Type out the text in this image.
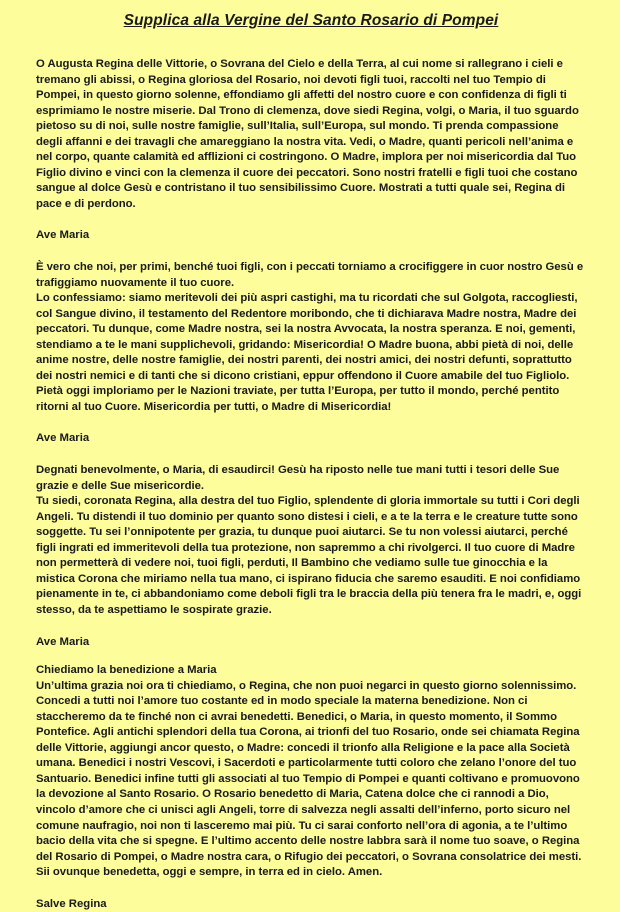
Supplica alla Vergine del Santo Rosario di Pompei

O Augusta Regina delle Vittorie, o Sovrana del Cielo e della Terra, al cui nome si rallegrano i cieli e tremano gli abissi, o Regina gloriosa del Rosario, noi devoti figli tuoi, raccolti nel tuo Tempio di Pompei, in questo giorno solenne, effondiamo gli affetti del nostro cuore e con confidenza di figli ti esprimiamo le nostre miserie. Dal Trono di clemenza, dove siedi Regina, volgi, o Maria, il tuo sguardo pietoso su di noi, sulle nostre famiglie, sull’Italia, sull’Europa, sul mondo. Ti prenda compassione degli affanni e dei travagli che amareggiano la nostra vita. Vedi, o Madre, quanti pericoli nell’anima e nel corpo, quante calamità ed afflizioni ci costringono. O Madre, implora per noi misericordia dal Tuo Figlio divino e vinci con la clemenza il cuore dei peccatori. Sono nostri fratelli e figli tuoi che costano sangue al dolce Gesù e contristano il tuo sensibilissimo Cuore. Mostrati a tutti quale sei, Regina di pace e di perdono.

Ave Maria

È vero che noi, per primi, benché tuoi figli, con i peccati torniamo a crocifiggere in cuor nostro Gesù e trafiggiamo nuovamente il tuo cuore.

Lo confessiamo: siamo meritevoli dei più aspri castighi, ma tu ricordati che sul Golgota, raccogliesti, col Sangue divino, il testamento del Redentore moribondo, che ti dichiarava Madre nostra, Madre dei peccatori. Tu dunque, come Madre nostra, sei la nostra Avvocata, la nostra speranza. E noi, gementi, stendiamo a te le mani supplichevoli, gridando: Misericordia! O Madre buona, abbi pietà di noi, delle anime nostre, delle nostre famiglie, dei nostri parenti, dei nostri amici, dei nostri defunti, soprattutto dei nostri nemici e di tanti che si dicono cristiani, eppur offendono il Cuore amabile del tuo Figliolo. Pietà oggi imploriamo per le Nazioni traviate, per tutta l’Europa, per tutto il mondo, perché pentito ritorni al tuo Cuore. Misericordia per tutti, o Madre di Misericordia!

Ave Maria

Degnati benevolmente, o Maria, di esaudirci! Gesù ha riposto nelle tue mani tutti i tesori delle Sue grazie e delle Sue misericordie.

Tu siedi, coronata Regina, alla destra del tuo Figlio, splendente di gloria immortale su tutti i Cori degli Angeli. Tu distendi il tuo dominio per quanto sono distesi i cieli, e a te la terra e le creature tutte sono soggette. Tu sei l’onnipotente per grazia, tu dunque puoi aiutarci. Se tu non volessi aiutarci, perché figli ingrati ed immeritevoli della tua protezione, non sapremmo a chi rivolgerci. Il tuo cuore di Madre non permetterà di vedere noi, tuoi figli, perduti, Il Bambino che vediamo sulle tue ginocchia e la mistica Corona che miriamo nella tua mano, ci ispirano fiducia che saremo esauditi. E noi confidiamo pienamente in te, ci abbandoniamo come deboli figli tra le braccia della più tenera fra le madri, e, oggi stesso, da te aspettiamo le sospirate grazie.

Ave Maria

Chiediamo la benedizione a Maria

Un’ultima grazia noi ora ti chiediamo, o Regina, che non puoi negarci in questo giorno solennissimo. Concedi a tutti noi l’amore tuo costante ed in modo speciale la materna benedizione. Non ci staccheremo da te finché non ci avrai benedetti. Benedici, o Maria, in questo momento, il Sommo Pontefice. Agli antichi splendori della tua Corona, ai trionfi del tuo Rosario, onde sei chiamata Regina delle Vittorie, aggiungi ancor questo, o Madre: concedi il trionfo alla Religione e la pace alla Società umana. Benedici i nostri Vescovi, i Sacerdoti e particolarmente tutti coloro che zelano l’onore del tuo Santuario. Benedici infine tutti gli associati al tuo Tempio di Pompei e quanti coltivano e promuovono la devozione al Santo Rosario. O Rosario benedetto di Maria, Catena dolce che ci rannodi a Dio, vincolo d’amore che ci unisci agli Angeli, torre di salvezza negli assalti dell’inferno, porto sicuro nel comune naufragio, noi non ti lasceremo mai più. Tu ci sarai conforto nell’ora di agonia, a te l’ultimo bacio della vita che si spegne. E l’ultimo accento delle nostre labbra sarà il nome tuo soave, o Regina del Rosario di Pompei, o Madre nostra cara, o Rifugio dei peccatori, o Sovrana consolatrice dei mesti. Sii ovunque benedetta, oggi e sempre, in terra ed in cielo. Amen.

Salve Regina
